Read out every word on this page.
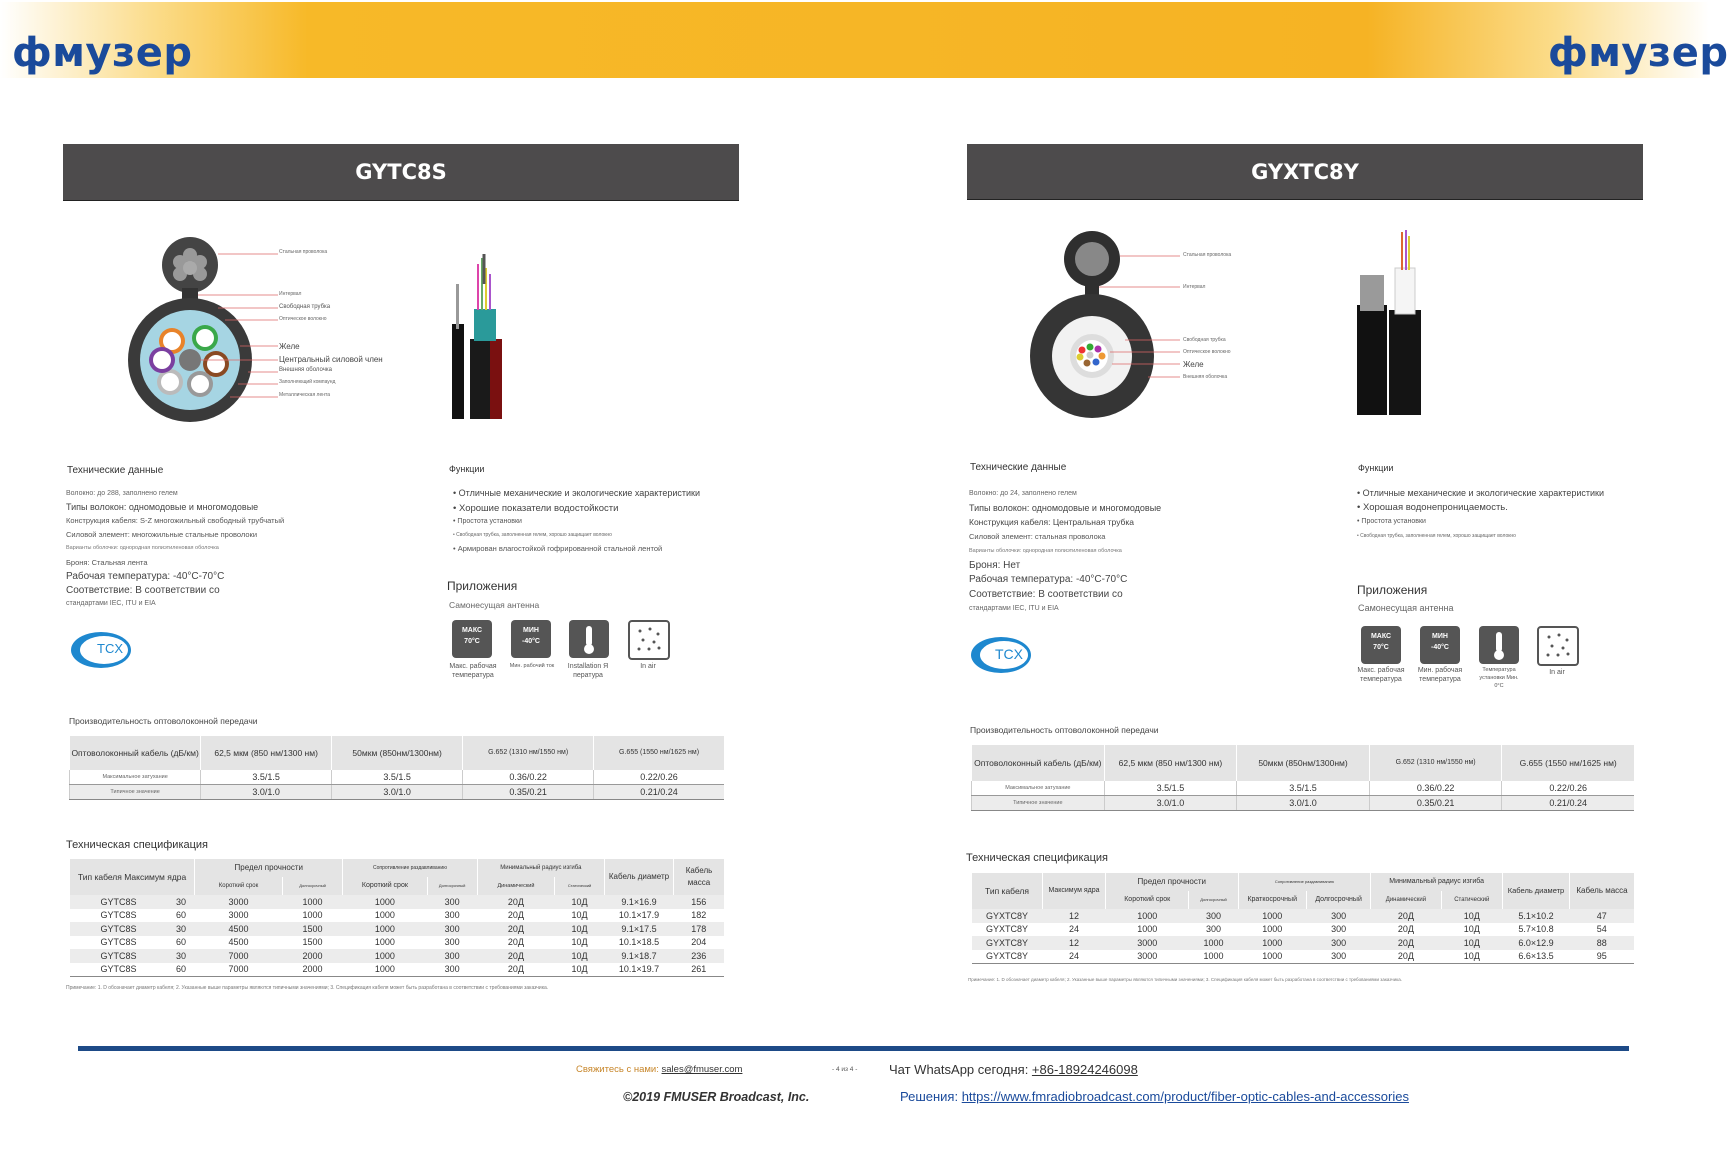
фмузер	фмузер
GYTC8S
Стальная проволока
Интервал
Свободная трубка
Оптическое волокно
Желе
Центральный силовой член
Внешняя оболочка
Заполняющий компаунд
Металлическая лента
Технические данные
Волокно: до 288, заполнено гелем
Типы волокон: одномодовые и многомодовые
Конструкция кабеля: S-Z многожильный свободный трубчатый
Силовой элемент: многожильные стальные проволоки
Варианты оболочки: однородная полиэтиленовая оболочка
Броня: Стальная лента
Рабочая температура: -40°C-70°C
Соответствие: В соответствии со
стандартами IEC, ITU и EIA
TCX
Функции
• Отличные механические и экологические характеристики
• Хорошие показатели водостойкости
• Простота установки
• Свободная трубка, заполненная гелем, хорошо защищает волокно
• Армирован влагостойкой гофрированной стальной лентой
Приложения
Самонесущая антенна
МАКС
70°C
Макс. рабочая температура
МИН
-40°C
Мин. рабочий ток	Installation Я пература
In air
Производительность оптоволоконной передачи
Оптоволоконный кабель (дБ/км)	62,5 мкм (850 нм/1300 нм)	50мкм (850нм/1300нм)	G.652 (1310 нм/1550 нм)	G.655 (1550 нм/1625 нм)
Максимальное затухание	3.5/1.5	3.5/1.5	0.36/0.22	0.22/0.26
Типичное значение	3.0/1.0	3.0/1.0	0.35/0.21	0.21/0.24
Техническая спецификация
Тип кабеля Максимум ядра		Предел прочности		Сопротивление раздавливанию		Минимальный радиус изгиба		Кабель диаметр	Кабель масса
		Короткий срок	Долгосрочный	Короткий срок	Долгосрочный	Динамический	Статический		
GYTC8S	30	3000	1000	1000	300	20Д	10Д	9.1×16.9	156
GYTC8S	60	3000	1000	1000	300	20Д	10Д	10.1×17.9	182
GYTC8S	30	4500	1500	1000	300	20Д	10Д	9.1×17.5	178
GYTC8S	60	4500	1500	1000	300	20Д	10Д	10.1×18.5	204
GYTC8S	30	7000	2000	1000	300	20Д	10Д	9.1×18.7	236
GYTC8S	60	7000	2000	1000	300	20Д	10Д	10.1×19.7	261
Примечание: 1. D обозначает диаметр кабеля; 2. Указанные выше параметры являются типичными значениями; 3. Спецификация кабеля может быть разработана в соответствии с требованиями заказчика.
GYXTC8Y
Стальная проволока
Интервал
Свободная трубка
Оптическое волокно
Желе
Внешняя оболочка
Технические данные
Волокно: до 24, заполнено гелем
Типы волокон: одномодовые и многомодовые
Конструкция кабеля: Центральная трубка
Силовой элемент: стальная проволока
Варианты оболочки: однородная полиэтиленовая оболочка
Броня: Нет
Рабочая температура: -40°C-70°C
Соответствие: В соответствии со
стандартами IEC, ITU и EIA
TCX
Функции
• Отличные механические и экологические характеристики
• Хорошая водонепроницаемость.
• Простота установки
• Свободная трубка, заполненная гелем, хорошо защищает волокно
Приложения
Самонесущая антенна
МАКС
70°C
Макс. рабочая температура
МИН
-40°C
Мин. рабочая температура
Температура установки Мин. 0°C
In air
Производительность оптоволоконной передачи
Оптоволоконный кабель (дБ/км)	62,5 мкм (850 нм/1300 нм)	50мкм (850нм/1300нм)	G.652 (1310 нм/1550 нм)	G.655 (1550 нм/1625 нм)
Максимальное затухание	3.5/1.5	3.5/1.5	0.36/0.22	0.22/0.26
Типичное значение	3.0/1.0	3.0/1.0	0.35/0.21	0.21/0.24
Техническая спецификация
Тип кабеля	Максимум ядра	Предел прочности		Сопротивление раздавливанию		Минимальный радиус изгиба		Кабель диаметр	Кабель масса
		Короткий срок	Долгосрочный	Краткосрочный	Долгосрочный	Динамический	Статический		
GYXTC8Y	12	1000	300	1000	300	20Д	10Д	5.1×10.2	47
GYXTC8Y	24	1000	300	1000	300	20Д	10Д	5.7×10.8	54
GYXTC8Y	12	3000	1000	1000	300	20Д	10Д	6.0×12.9	88
GYXTC8Y	24	3000	1000	1000	300	20Д	10Д	6.6×13.5	95
Примечание: 1. D обозначает диаметр кабеля; 2. Указанные выше параметры являются типичными значениями; 3. Спецификация кабеля может быть разработана в соответствии с требованиями заказчика.
Свяжитесь с нами: sales@fmuser.com	- 4 из 4 - Чат WhatsApp сегодня: +86-18924246098
©2019 FMUSER Broadcast, Inc.	Решения: https://www.fmradiobroadcast.com/product/fiber-optic-cables-and-accessories
